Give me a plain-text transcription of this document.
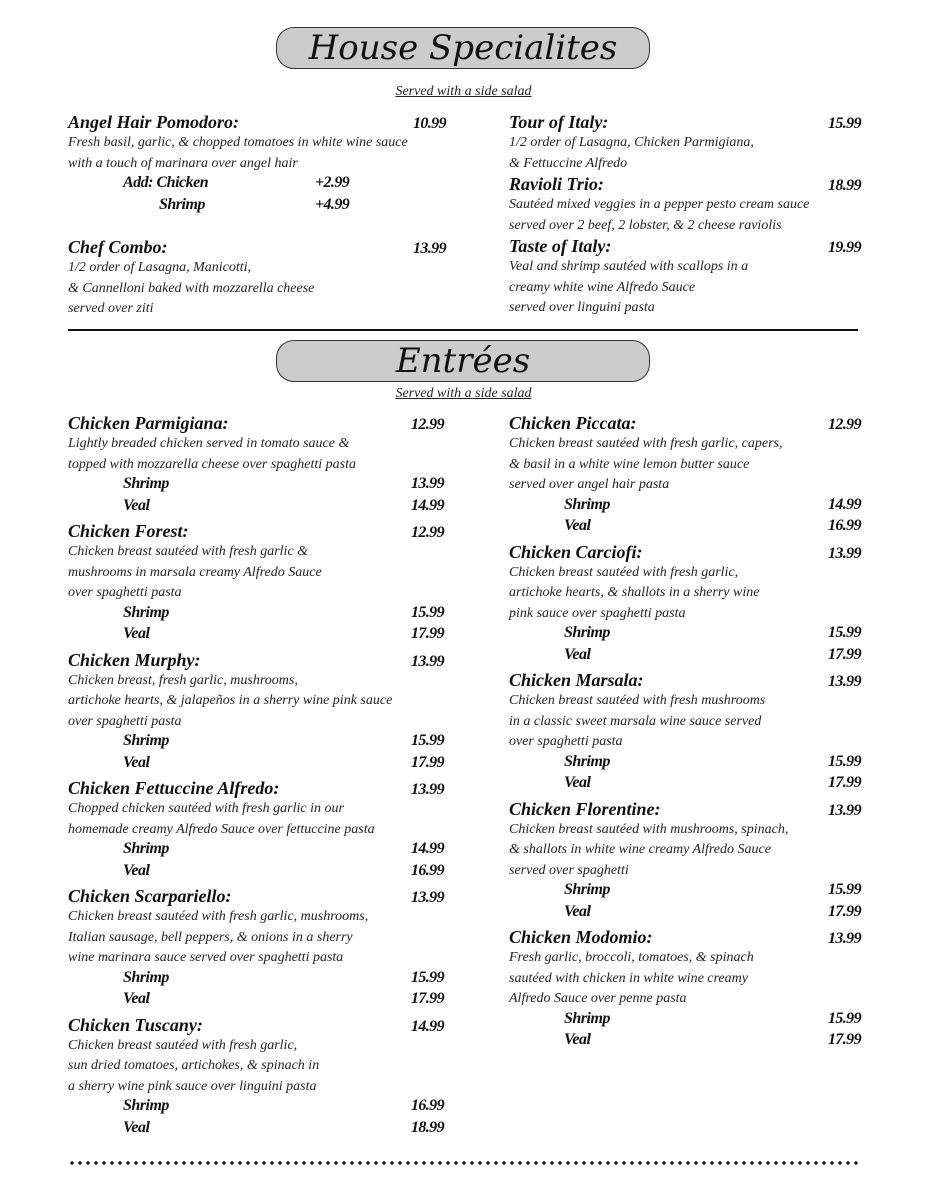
House Specialites
Served with a side salad
Angel Hair Pomodoro:	10.99
Fresh basil, garlic, & chopped tomatoes in white wine sauce
with a touch of marinara over angel hair
Add: Chicken	+2.99
Shrimp	+4.99
Chef Combo:	13.99
1/2 order of Lasagna, Manicotti,
& Cannelloni baked with mozzarella cheese
served over ziti
Tour of Italy:	15.99
1/2 order of Lasagna, Chicken Parmigiana,
& Fettuccine Alfredo
Ravioli Trio:	18.99
Sautéed mixed veggies in a pepper pesto cream sauce
served over 2 beef, 2 lobster, & 2 cheese raviolis
Taste of Italy:	19.99
Veal and shrimp sautéed with scallops in a
creamy white wine Alfredo Sauce
served over linguini pasta
Entrées
Served with a side salad
Chicken Parmigiana:	12.99
Lightly breaded chicken served in tomato sauce &
topped with mozzarella cheese over spaghetti pasta
Shrimp	13.99
Veal	14.99
Chicken Forest:	12.99
Chicken breast sautéed with fresh garlic &
mushrooms in marsala creamy Alfredo Sauce
over spaghetti pasta
Shrimp	15.99
Veal	17.99
Chicken Murphy:	13.99
Chicken breast, fresh garlic, mushrooms,
artichoke hearts, & jalapeños in a sherry wine pink sauce
over spaghetti pasta
Shrimp	15.99
Veal	17.99
Chicken Fettuccine Alfredo:	13.99
Chopped chicken sautéed with fresh garlic in our
homemade creamy Alfredo Sauce over fettuccine pasta
Shrimp	14.99
Veal	16.99
Chicken Scarpariello:	13.99
Chicken breast sautéed with fresh garlic, mushrooms,
Italian sausage, bell peppers, & onions in a sherry
wine marinara sauce served over spaghetti pasta
Shrimp	15.99
Veal	17.99
Chicken Tuscany:	14.99
Chicken breast sautéed with fresh garlic,
sun dried tomatoes, artichokes, & spinach in
a sherry wine pink sauce over linguini pasta
Shrimp	16.99
Veal	18.99
Chicken Piccata:	12.99
Chicken breast sautéed with fresh garlic, capers,
& basil in a white wine lemon butter sauce
served over angel hair pasta
Shrimp	14.99
Veal	16.99
Chicken Carciofi:	13.99
Chicken breast sautéed with fresh garlic,
artichoke hearts, & shallots in a sherry wine
pink sauce over spaghetti pasta
Shrimp	15.99
Veal	17.99
Chicken Marsala:	13.99
Chicken breast sautéed with fresh mushrooms
in a classic sweet marsala wine sauce served
over spaghetti pasta
Shrimp	15.99
Veal	17.99
Chicken Florentine:	13.99
Chicken breast sautéed with mushrooms, spinach,
& shallots in white wine creamy Alfredo Sauce
served over spaghetti
Shrimp	15.99
Veal	17.99
Chicken Modomio:	13.99
Fresh garlic, broccoli, tomatoes, & spinach
sautéed with chicken in white wine creamy
Alfredo Sauce over penne pasta
Shrimp	15.99
Veal	17.99
